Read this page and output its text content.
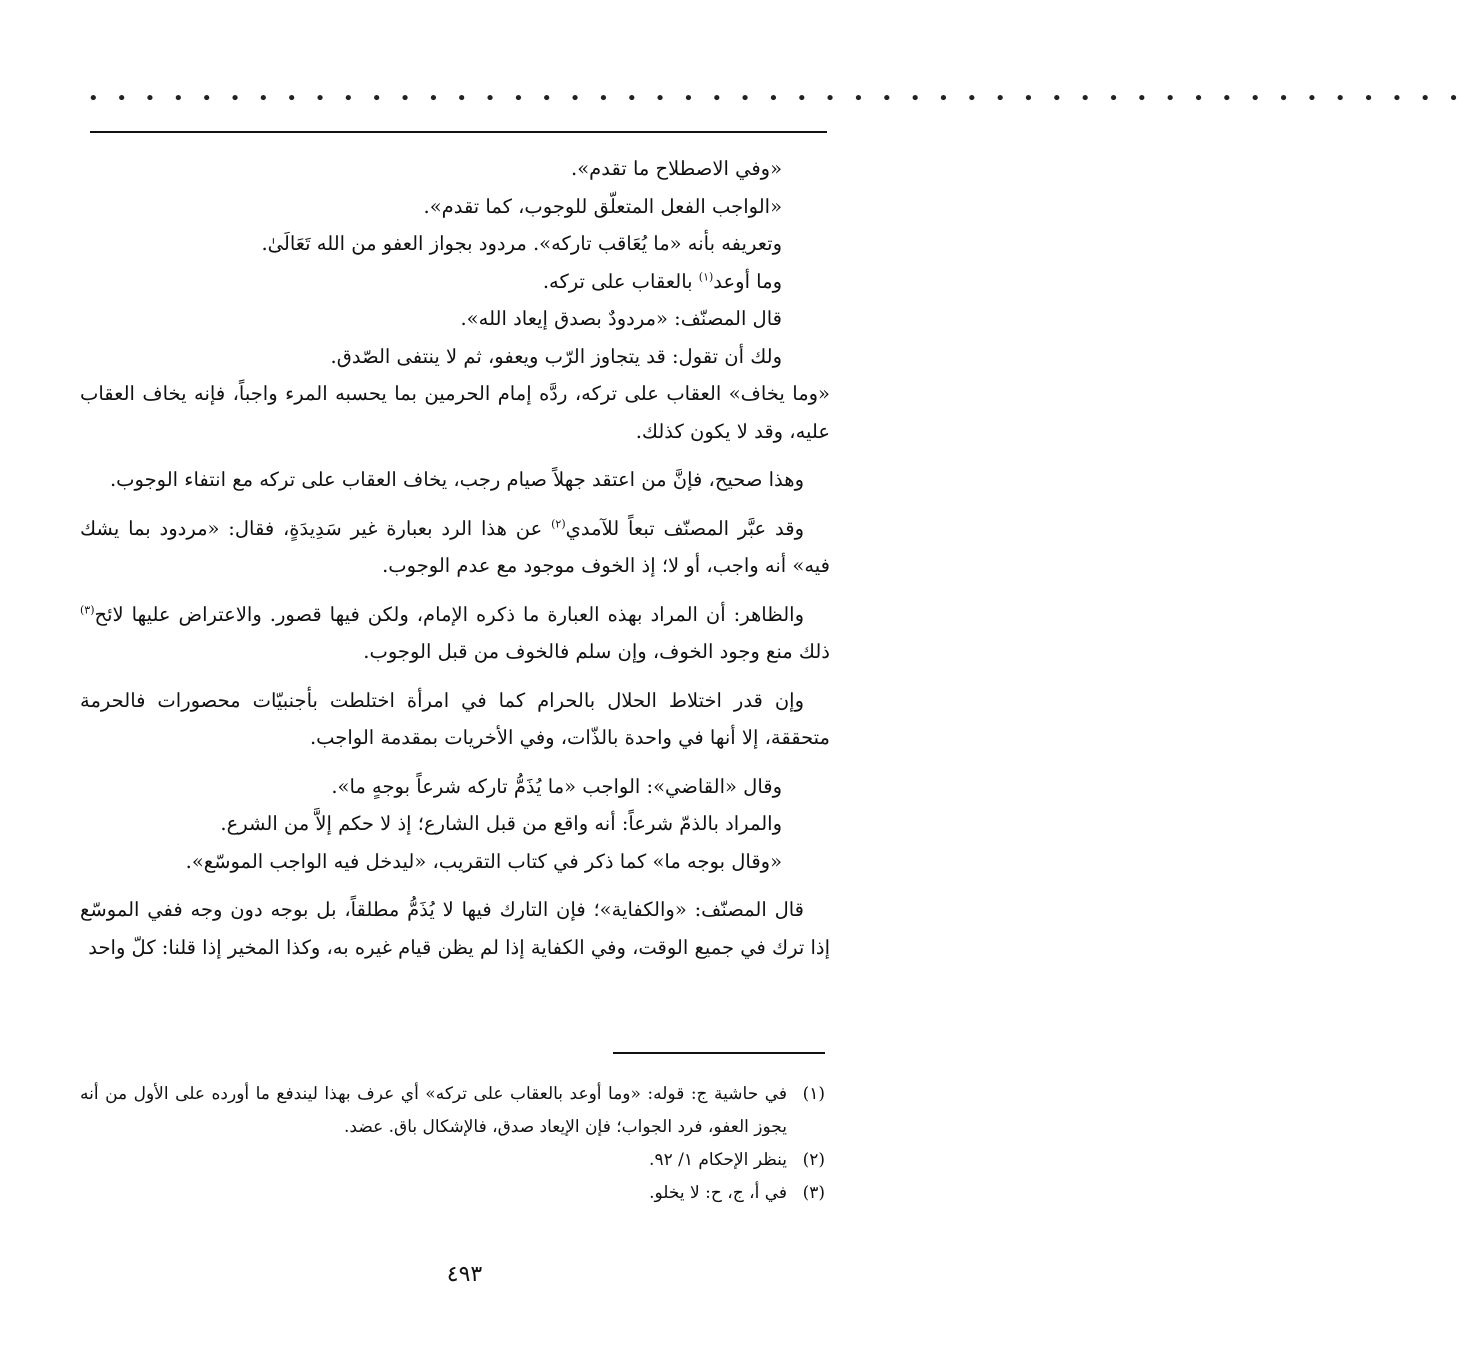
• • • • • • • • • • • • • • • • • • • • • • • • • • • • • • • • • • • • • • • • • • • • • • • • •

«وفي الاصطلاح ما تقدم».

«الواجب الفعل المتعلّق للوجوب، كما تقدم».

وتعريفه بأنه «ما يُعَاقب تاركه». مردود بجواز العفو من الله تَعَالَىٰ.

وما أوعد$^{(١)}$ بالعقاب على تركه.

قال المصنّف: «مردودٌ بصدق إيعاد الله».

ولك أن تقول: قد يتجاوز الرّب ويعفو، ثم لا ينتفى الصّدق.

«وما يخاف» العقاب على تركه، ردَّه إمام الحرمين بما يحسبه المرء واجباً، فإنه يخاف العقاب عليه، وقد لا يكون كذلك.

وهذا صحيح، فإنَّ من اعتقد جهلاً صيام رجب، يخاف العقاب على تركه مع انتفاء الوجوب.

وقد عبَّر المصنّف تبعاً للآمدي$^{(٢)}$ عن هذا الرد بعبارة غير سَدِيدَةٍ، فقال: «مردود بما يشك فيه» أنه واجب، أو لا؛ إذ الخوف موجود مع عدم الوجوب.

والظاهر: أن المراد بهذه العبارة ما ذكره الإمام، ولكن فيها قصور. والاعتراض عليها لائح$^{(٣)}$ ذلك منع وجود الخوف، وإن سلم فالخوف من قبل الوجوب.

وإن قدر اختلاط الحلال بالحرام كما في امرأة اختلطت بأجنبيّات محصورات فالحرمة متحققة، إلا أنها في واحدة بالذّات، وفي الأخريات بمقدمة الواجب.

وقال «القاضي»: الواجب «ما يُذَمُّ تاركه شرعاً بوجهٍ ما».

والمراد بالذمّ شرعاً: أنه واقع من قبل الشارع؛ إذ لا حكم إلاَّ من الشرع.

«وقال بوجه ما» كما ذكر في كتاب التقريب، «ليدخل فيه الواجب الموسّع».

قال المصنّف: «والكفاية»؛ فإن التارك فيها لا يُذَمُّ مطلقاً، بل بوجه دون وجه ففي الموسّع إذا ترك في جميع الوقت، وفي الكفاية إذا لم يظن قيام غيره به، وكذا المخير إذا قلنا: كلّ واحد

(١)
في حاشية ج: قوله: «وما أوعد بالعقاب على تركه» أي عرف بهذا ليندفع ما أورده على الأول من أنه يجوز العفو، فرد الجواب؛ فإن الإيعاد صدق، فالإشكال باق. عضد.
(٢)
ينظر الإحكام ١/ ٩٢.
(٣)
في أ، ج، ح: لا يخلو.
٤٩٣
